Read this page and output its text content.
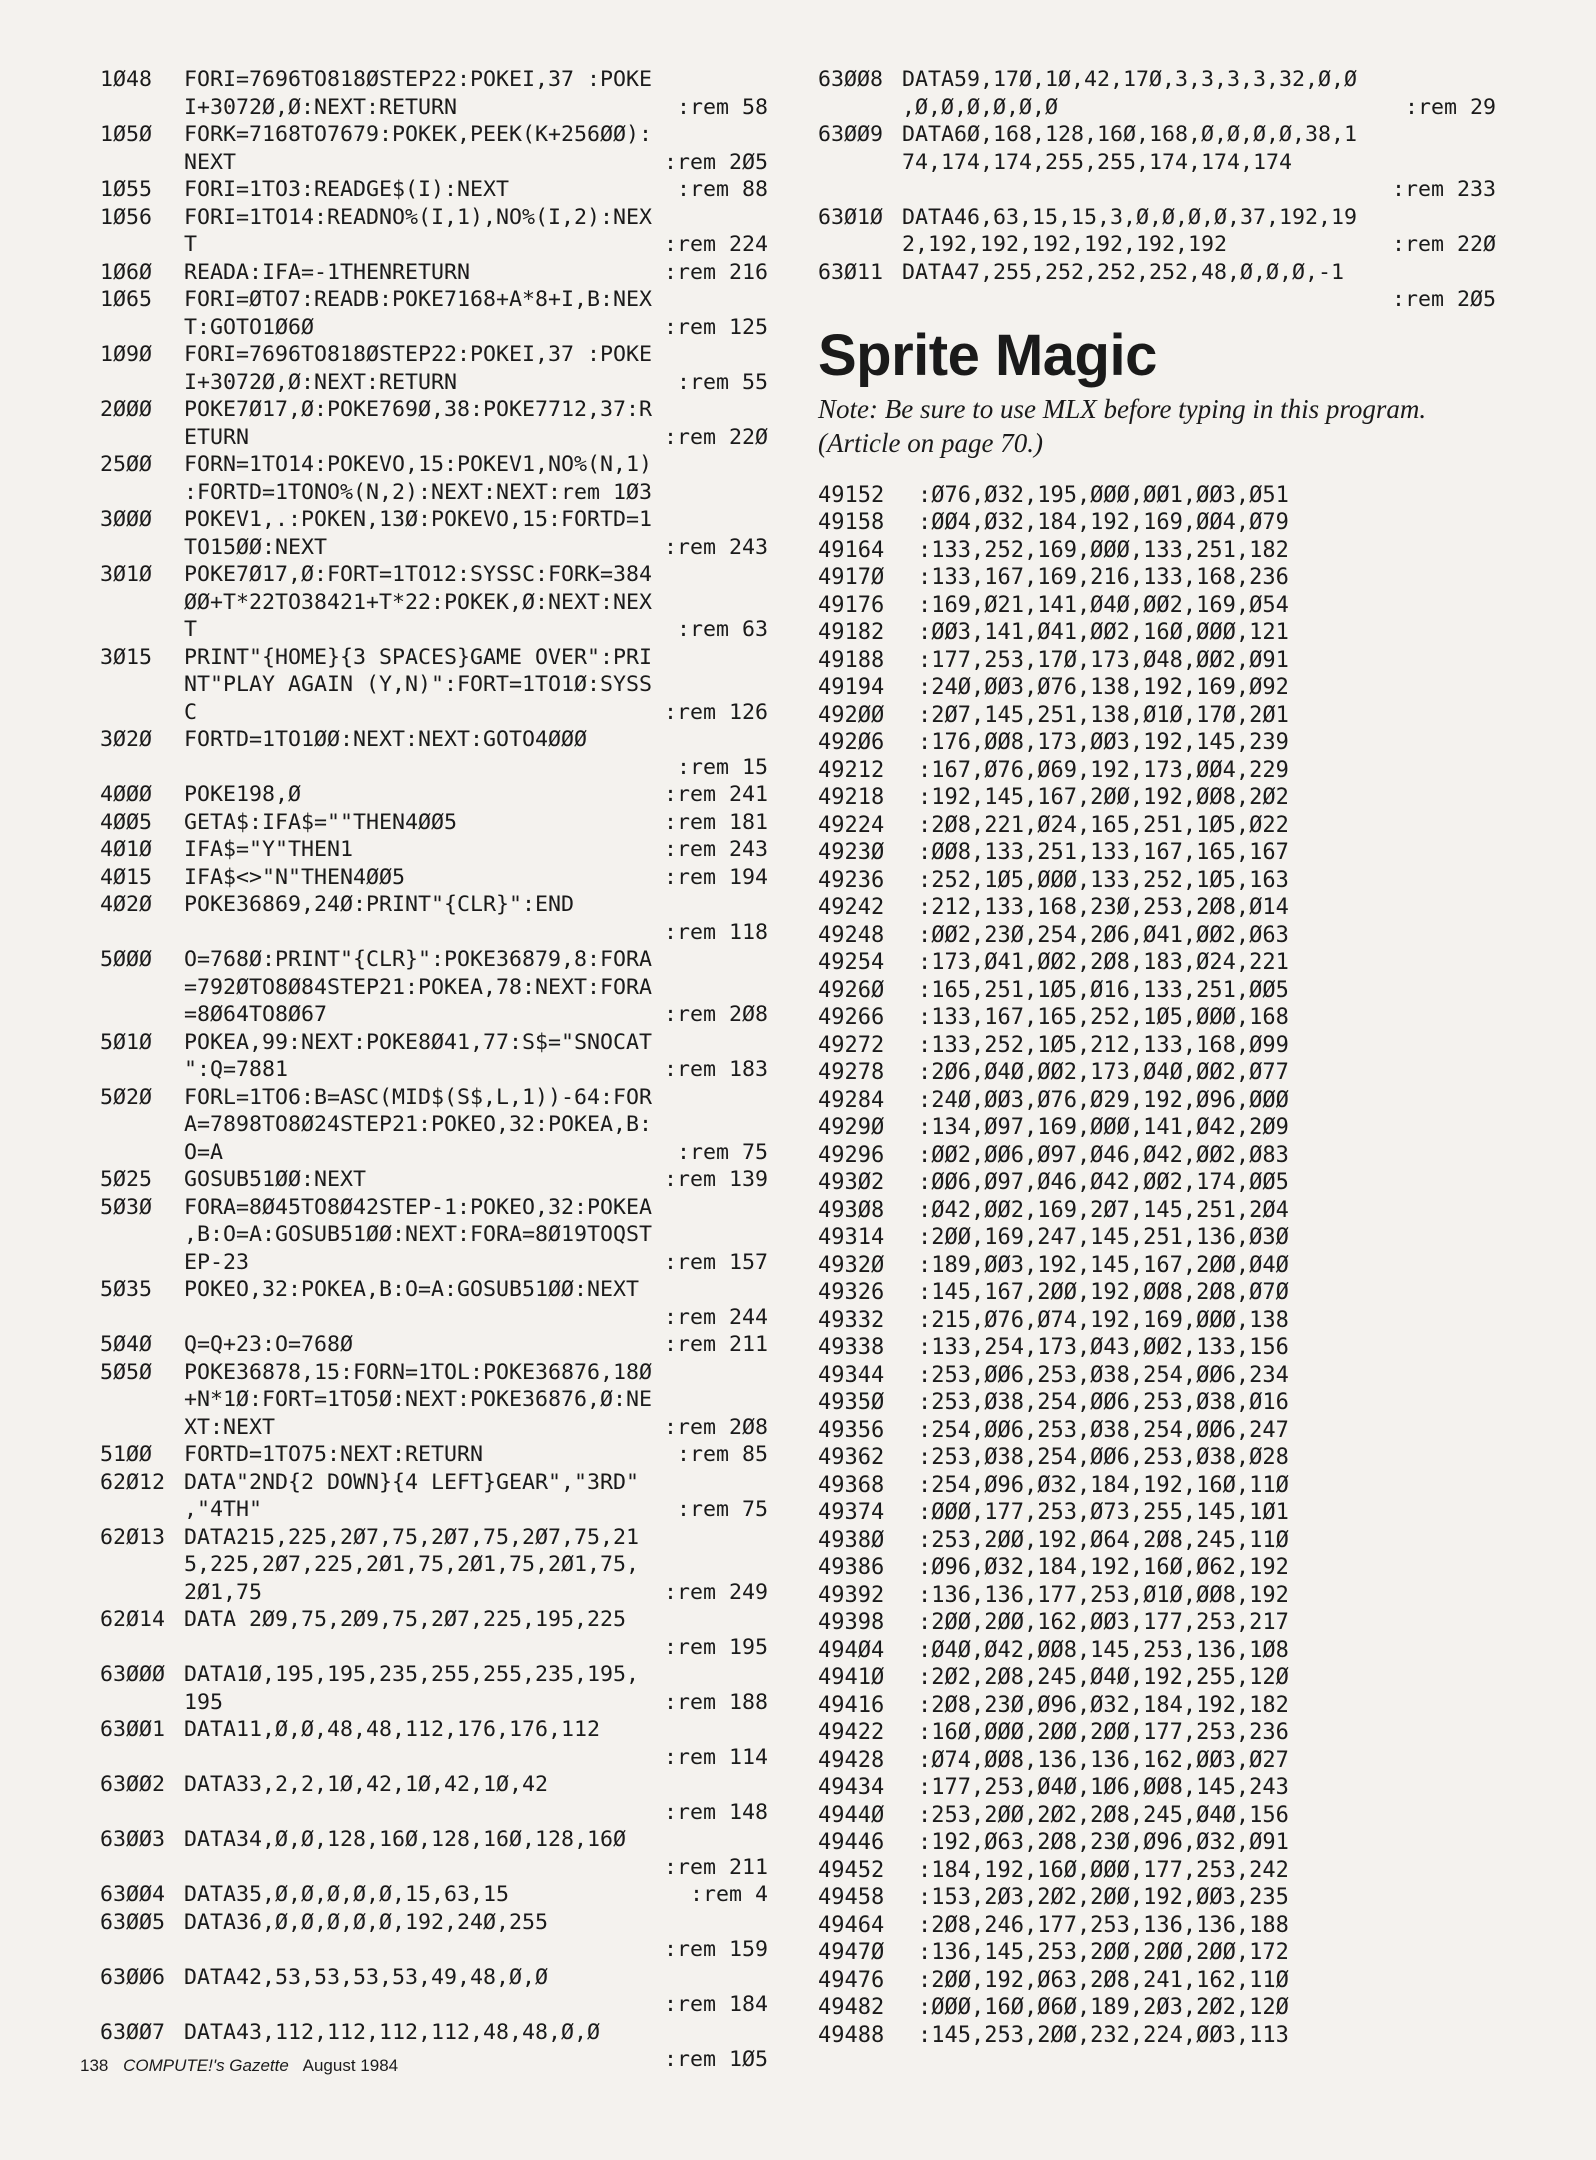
1Ø48	FORI=7696TO818ØSTEP22:POKEI,37 :POKE
I+3072Ø,Ø:NEXT:RETURN	:rem 58
1Ø5Ø	FORK=7168TO7679:POKEK,PEEK(K+256ØØ):
NEXT	:rem 2Ø5
1Ø55	FORI=1TO3:READGE$(I):NEXT	:rem 88
1Ø56	FORI=1TO14:READNO%(I,1),NO%(I,2):NEX
T	:rem 224
1Ø6Ø	READA:IFA=-1THENRETURN	:rem 216
1Ø65	FORI=ØTO7:READB:POKE7168+A*8+I,B:NEX
T:GOTO1Ø6Ø	:rem 125
1Ø9Ø	FORI=7696TO818ØSTEP22:POKEI,37 :POKE
I+3072Ø,Ø:NEXT:RETURN	:rem 55
2ØØØ	POKE7Ø17,Ø:POKE769Ø,38:POKE7712,37:R
ETURN	:rem 22Ø
25ØØ	FORN=1TO14:POKEVO,15:POKEV1,NO%(N,1)
:FORTD=1TONO%(N,2):NEXT:NEXT:rem 1Ø3
3ØØØ	POKEV1,.:POKEN,13Ø:POKEVO,15:FORTD=1
TO15ØØ:NEXT	:rem 243
3Ø1Ø	POKE7Ø17,Ø:FORT=1TO12:SYSSC:FORK=384
ØØ+T*22TO38421+T*22:POKEK,Ø:NEXT:NEX
T	:rem 63
3Ø15	PRINT"{HOME}{3 SPACES}GAME OVER":PRI
NT"PLAY AGAIN (Y,N)":FORT=1TO1Ø:SYSS
C	:rem 126
3Ø2Ø	FORTD=1TO1ØØ:NEXT:NEXT:GOTO4ØØØ
:rem 15
4ØØØ	POKE198,Ø	:rem 241
4ØØ5	GETA$:IFA$=""THEN4ØØ5	:rem 181
4Ø1Ø	IFA$="Y"THEN1	:rem 243
4Ø15	IFA$<>"N"THEN4ØØ5	:rem 194
4Ø2Ø	POKE36869,24Ø:PRINT"{CLR}":END
:rem 118
5ØØØ	O=768Ø:PRINT"{CLR}":POKE36879,8:FORA
=792ØTO8Ø84STEP21:POKEA,78:NEXT:FORA
=8Ø64TO8Ø67	:rem 2Ø8
5Ø1Ø	POKEA,99:NEXT:POKE8Ø41,77:S$="SNOCAT
":Q=7881	:rem 183
5Ø2Ø	FORL=1TO6:B=ASC(MID$(S$,L,1))-64:FOR
A=7898TO8Ø24STEP21:POKEO,32:POKEA,B:
O=A	:rem 75
5Ø25	GOSUB51ØØ:NEXT	:rem 139
5Ø3Ø	FORA=8Ø45TO8Ø42STEP-1:POKEO,32:POKEA
,B:O=A:GOSUB51ØØ:NEXT:FORA=8Ø19TOQST
EP-23	:rem 157
5Ø35	POKEO,32:POKEA,B:O=A:GOSUB51ØØ:NEXT
:rem 244
5Ø4Ø	Q=Q+23:O=768Ø	:rem 211
5Ø5Ø	POKE36878,15:FORN=1TOL:POKE36876,18Ø
+N*1Ø:FORT=1TO5Ø:NEXT:POKE36876,Ø:NE
XT:NEXT	:rem 2Ø8
51ØØ	FORTD=1TO75:NEXT:RETURN	:rem 85
62Ø12 DATA"2ND{2 DOWN}{4 LEFT}GEAR","3RD"
,"4TH"	:rem 75
62Ø13 DATA215,225,2Ø7,75,2Ø7,75,2Ø7,75,21
5,225,2Ø7,225,2Ø1,75,2Ø1,75,2Ø1,75,
2Ø1,75	:rem 249
62Ø14 DATA 2Ø9,75,2Ø9,75,2Ø7,225,195,225
:rem 195
63ØØØ DATA1Ø,195,195,235,255,255,235,195,
195	:rem 188
63ØØ1 DATA11,Ø,Ø,48,48,112,176,176,112
:rem 114
63ØØ2 DATA33,2,2,1Ø,42,1Ø,42,1Ø,42
:rem 148
63ØØ3 DATA34,Ø,Ø,128,16Ø,128,16Ø,128,16Ø
:rem 211
63ØØ4 DATA35,Ø,Ø,Ø,Ø,Ø,15,63,15	:rem 4
63ØØ5 DATA36,Ø,Ø,Ø,Ø,Ø,192,24Ø,255
:rem 159
63ØØ6 DATA42,53,53,53,53,49,48,Ø,Ø
:rem 184
63ØØ7 DATA43,112,112,112,112,48,48,Ø,Ø
:rem 1Ø5
63ØØ8 DATA59,17Ø,1Ø,42,17Ø,3,3,3,3,32,Ø,Ø
,Ø,Ø,Ø,Ø,Ø,Ø	:rem 29
63ØØ9 DATA6Ø,168,128,16Ø,168,Ø,Ø,Ø,Ø,38,1
74,174,174,255,255,174,174,174
:rem 233
63Ø1Ø DATA46,63,15,15,3,Ø,Ø,Ø,Ø,37,192,19
2,192,192,192,192,192,192	:rem 22Ø
63Ø11 DATA47,255,252,252,252,48,Ø,Ø,Ø,-1
:rem 2Ø5
Sprite Magic

Note: Be sure to use MLX before typing in this program. (Article on page 70.)

49152	:Ø76,Ø32,195,ØØØ,ØØ1,ØØ3,Ø51
49158	:ØØ4,Ø32,184,192,169,ØØ4,Ø79
49164	:133,252,169,ØØØ,133,251,182
4917Ø	:133,167,169,216,133,168,236
49176	:169,Ø21,141,Ø4Ø,ØØ2,169,Ø54
49182	:ØØ3,141,Ø41,ØØ2,16Ø,ØØØ,121
49188	:177,253,17Ø,173,Ø48,ØØ2,Ø91
49194	:24Ø,ØØ3,Ø76,138,192,169,Ø92
492ØØ	:2Ø7,145,251,138,Ø1Ø,17Ø,2Ø1
492Ø6	:176,ØØ8,173,ØØ3,192,145,239
49212	:167,Ø76,Ø69,192,173,ØØ4,229
49218	:192,145,167,2ØØ,192,ØØ8,2Ø2
49224	:2Ø8,221,Ø24,165,251,1Ø5,Ø22
4923Ø	:ØØ8,133,251,133,167,165,167
49236	:252,1Ø5,ØØØ,133,252,1Ø5,163
49242	:212,133,168,23Ø,253,2Ø8,Ø14
49248	:ØØ2,23Ø,254,2Ø6,Ø41,ØØ2,Ø63
49254	:173,Ø41,ØØ2,2Ø8,183,Ø24,221
4926Ø	:165,251,1Ø5,Ø16,133,251,ØØ5
49266	:133,167,165,252,1Ø5,ØØØ,168
49272	:133,252,1Ø5,212,133,168,Ø99
49278	:2Ø6,Ø4Ø,ØØ2,173,Ø4Ø,ØØ2,Ø77
49284	:24Ø,ØØ3,Ø76,Ø29,192,Ø96,ØØØ
4929Ø	:134,Ø97,169,ØØØ,141,Ø42,2Ø9
49296	:ØØ2,ØØ6,Ø97,Ø46,Ø42,ØØ2,Ø83
493Ø2	:ØØ6,Ø97,Ø46,Ø42,ØØ2,174,ØØ5
493Ø8	:Ø42,ØØ2,169,2Ø7,145,251,2Ø4
49314	:2ØØ,169,247,145,251,136,Ø3Ø
4932Ø	:189,ØØ3,192,145,167,2ØØ,Ø4Ø
49326	:145,167,2ØØ,192,ØØ8,2Ø8,Ø7Ø
49332	:215,Ø76,Ø74,192,169,ØØØ,138
49338	:133,254,173,Ø43,ØØ2,133,156
49344	:253,ØØ6,253,Ø38,254,ØØ6,234
4935Ø	:253,Ø38,254,ØØ6,253,Ø38,Ø16
49356	:254,ØØ6,253,Ø38,254,ØØ6,247
49362	:253,Ø38,254,ØØ6,253,Ø38,Ø28
49368	:254,Ø96,Ø32,184,192,16Ø,11Ø
49374	:ØØØ,177,253,Ø73,255,145,1Ø1
4938Ø	:253,2ØØ,192,Ø64,2Ø8,245,11Ø
49386	:Ø96,Ø32,184,192,16Ø,Ø62,192
49392	:136,136,177,253,Ø1Ø,ØØ8,192
49398	:2ØØ,2ØØ,162,ØØ3,177,253,217
494Ø4	:Ø4Ø,Ø42,ØØ8,145,253,136,1Ø8
4941Ø	:2Ø2,2Ø8,245,Ø4Ø,192,255,12Ø
49416	:2Ø8,23Ø,Ø96,Ø32,184,192,182
49422	:16Ø,ØØØ,2ØØ,2ØØ,177,253,236
49428	:Ø74,ØØ8,136,136,162,ØØ3,Ø27
49434	:177,253,Ø4Ø,1Ø6,ØØ8,145,243
4944Ø	:253,2ØØ,2Ø2,2Ø8,245,Ø4Ø,156
49446	:192,Ø63,2Ø8,23Ø,Ø96,Ø32,Ø91
49452	:184,192,16Ø,ØØØ,177,253,242
49458	:153,2Ø3,2Ø2,2ØØ,192,ØØ3,235
49464	:2Ø8,246,177,253,136,136,188
4947Ø	:136,145,253,2ØØ,2ØØ,2ØØ,172
49476	:2ØØ,192,Ø63,2Ø8,241,162,11Ø
49482	:ØØØ,16Ø,Ø6Ø,189,2Ø3,2Ø2,12Ø
49488	:145,253,2ØØ,232,224,ØØ3,113
138 COMPUTE!'s Gazette August 1984
